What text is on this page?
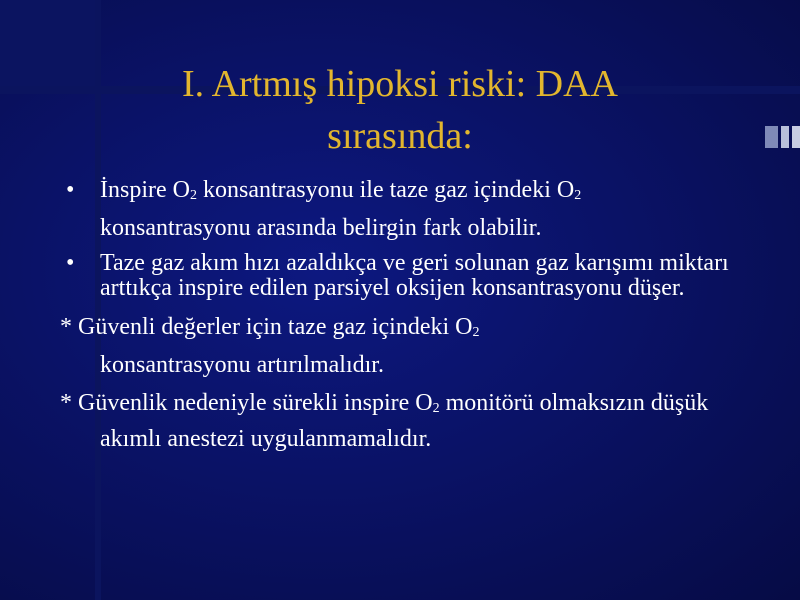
I. Artmış hipoksi riski: DAA
sırasında:
• İnspire O2 konsantrasyonu ile taze gaz içindeki O2
konsantrasyonu arasında belirgin fark olabilir.
• Taze gaz akım hızı azaldıkça ve geri solunan gaz karışımı miktarı arttıkça inspire edilen parsiyel oksijen konsantrasyonu düşer.
* Güvenli değerler için taze gaz içindeki O2
konsantrasyonu artırılmalıdır.
* Güvenlik nedeniyle sürekli inspire O2 monitörü olmaksızın düşük akımlı anestezi uygulanmamalıdır.
